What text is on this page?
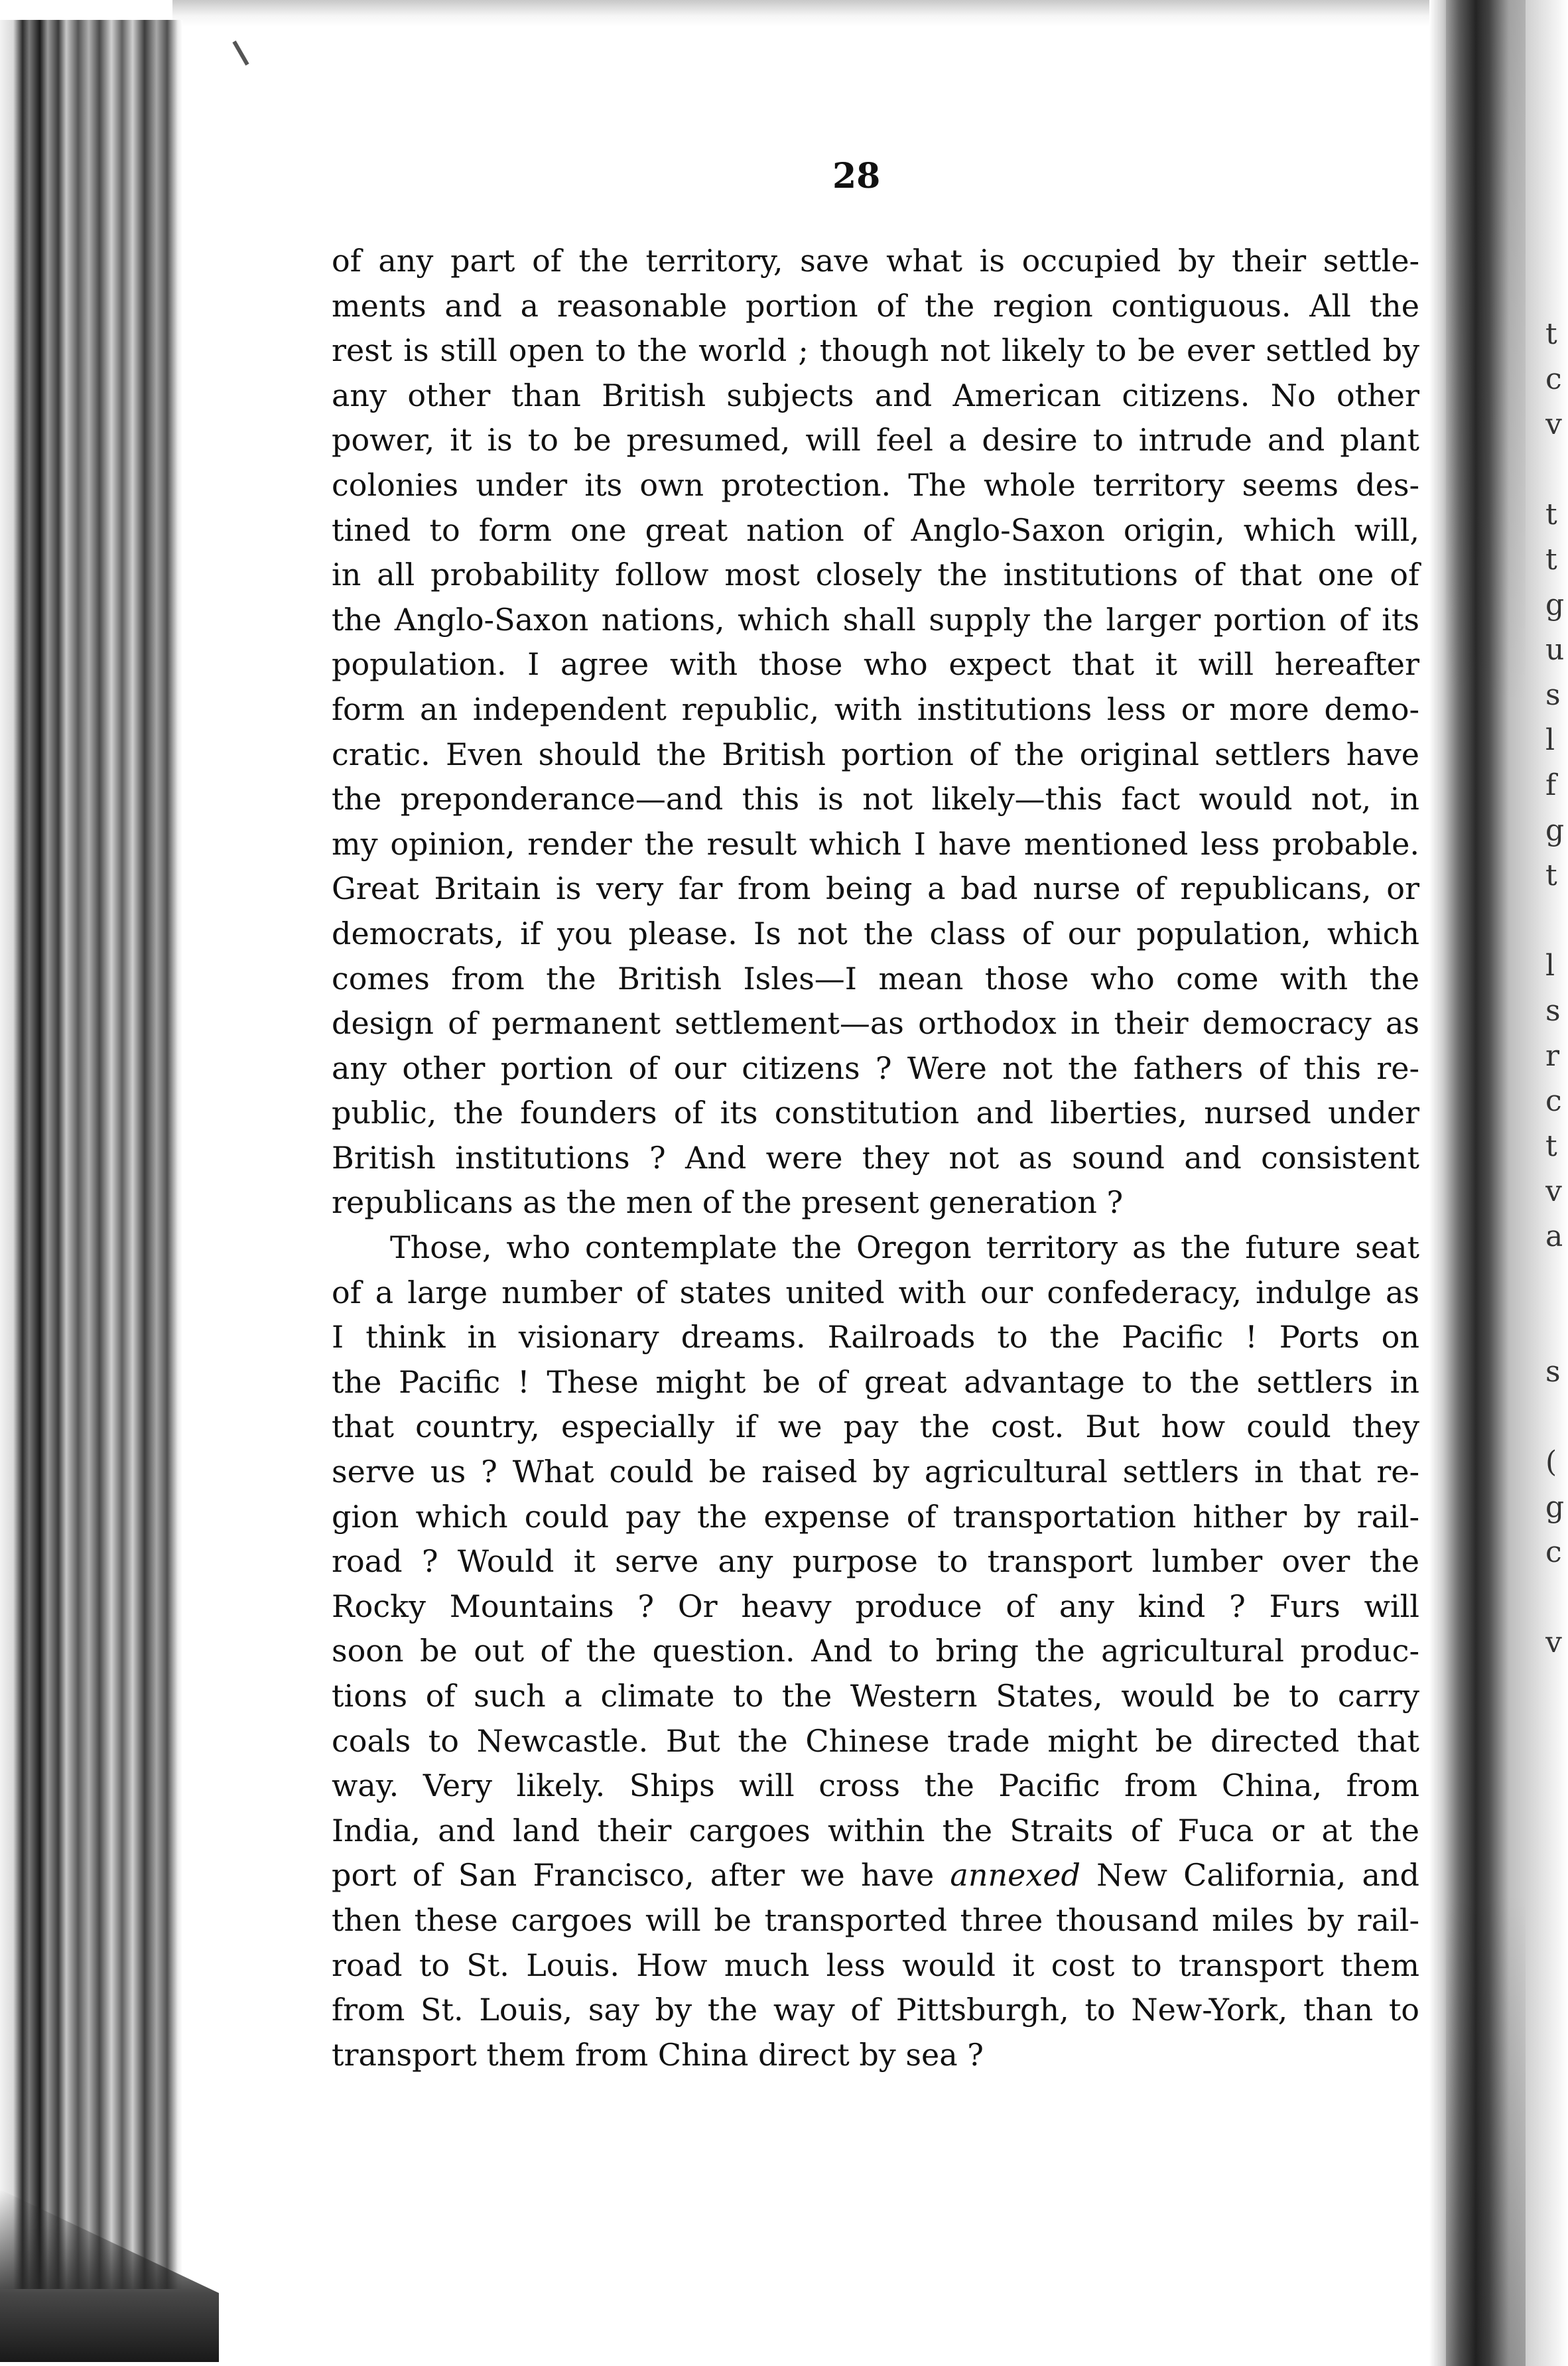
t
c
v
t
t
g
u
s
l
f
g
t
l
s
r
c
t
v
a
s
(
g
c
v
28
of any part of the territory, save what is occupied by their settle-
ments and a reasonable portion of the region contiguous. All the
rest is still open to the world ; though not likely to be ever settled by
any other than British subjects and American citizens. No other
power, it is to be presumed, will feel a desire to intrude and plant
colonies under its own protection. The whole territory seems des-
tined to form one great nation of Anglo-Saxon origin, which will,
in all probability follow most closely the institutions of that one of
the Anglo-Saxon nations, which shall supply the larger portion of its
population. I agree with those who expect that it will hereafter
form an independent republic, with institutions less or more demo-
cratic. Even should the British portion of the original settlers have
the preponderance—and this is not likely—this fact would not, in
my opinion, render the result which I have mentioned less probable.
Great Britain is very far from being a bad nurse of republicans, or
democrats, if you please. Is not the class of our population, which
comes from the British Isles—I mean those who come with the
design of permanent settlement—as orthodox in their democracy as
any other portion of our citizens ? Were not the fathers of this re-
public, the founders of its constitution and liberties, nursed under
British institutions ? And were they not as sound and consistent
republicans as the men of the present generation ?
Those, who contemplate the Oregon territory as the future seat
of a large number of states united with our confederacy, indulge as
I think in visionary dreams. Railroads to the Pacific ! Ports on
the Pacific ! These might be of great advantage to the settlers in
that country, especially if we pay the cost. But how could they
serve us ? What could be raised by agricultural settlers in that re-
gion which could pay the expense of transportation hither by rail-
road ? Would it serve any purpose to transport lumber over the
Rocky Mountains ? Or heavy produce of any kind ? Furs will
soon be out of the question. And to bring the agricultural produc-
tions of such a climate to the Western States, would be to carry
coals to Newcastle. But the Chinese trade might be directed that
way. Very likely. Ships will cross the Pacific from China, from
India, and land their cargoes within the Straits of Fuca or at the
port of San Francisco, after we have annexed New California, and
then these cargoes will be transported three thousand miles by rail-
road to St. Louis. How much less would it cost to transport them
from St. Louis, say by the way of Pittsburgh, to New-York, than to
transport them from China direct by sea ?
